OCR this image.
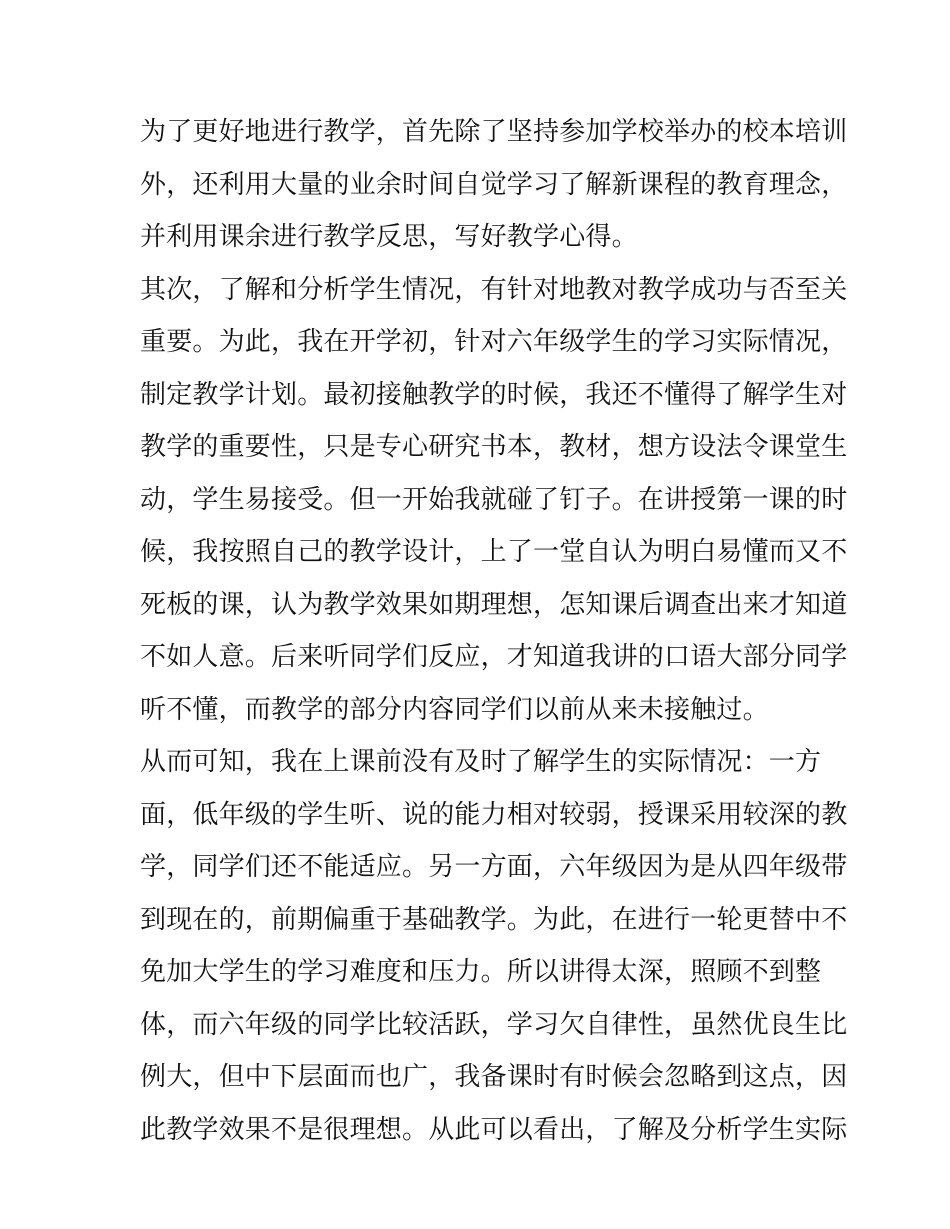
为了更好地进行教学，首先除了坚持参加学校举办的校本培训
外，还利用大量的业余时间自觉学习了解新课程的教育理念，
并利用课余进行教学反思，写好教学心得。
其次，了解和分析学生情况，有针对地教对教学成功与否至关
重要。为此，我在开学初，针对六年级学生的学习实际情况，
制定教学计划。最初接触教学的时候，我还不懂得了解学生对
教学的重要性，只是专心研究书本，教材，想方设法令课堂生
动，学生易接受。但一开始我就碰了钉子。在讲授第一课的时
候，我按照自己的教学设计，上了一堂自认为明白易懂而又不
死板的课，认为教学效果如期理想，怎知课后调查出来才知道
不如人意。后来听同学们反应，才知道我讲的口语大部分同学
听不懂，而教学的部分内容同学们以前从来未接触过。
从而可知，我在上课前没有及时了解学生的实际情况：一方
面，低年级的学生听、说的能力相对较弱，授课采用较深的教
学，同学们还不能适应。另一方面，六年级因为是从四年级带
到现在的，前期偏重于基础教学。为此，在进行一轮更替中不
免加大学生的学习难度和压力。所以讲得太深，照顾不到整
体，而六年级的同学比较活跃，学习欠自律性，虽然优良生比
例大，但中下层面而也广，我备课时有时候会忽略到这点，因
此教学效果不是很理想。从此可以看出，了解及分析学生实际
